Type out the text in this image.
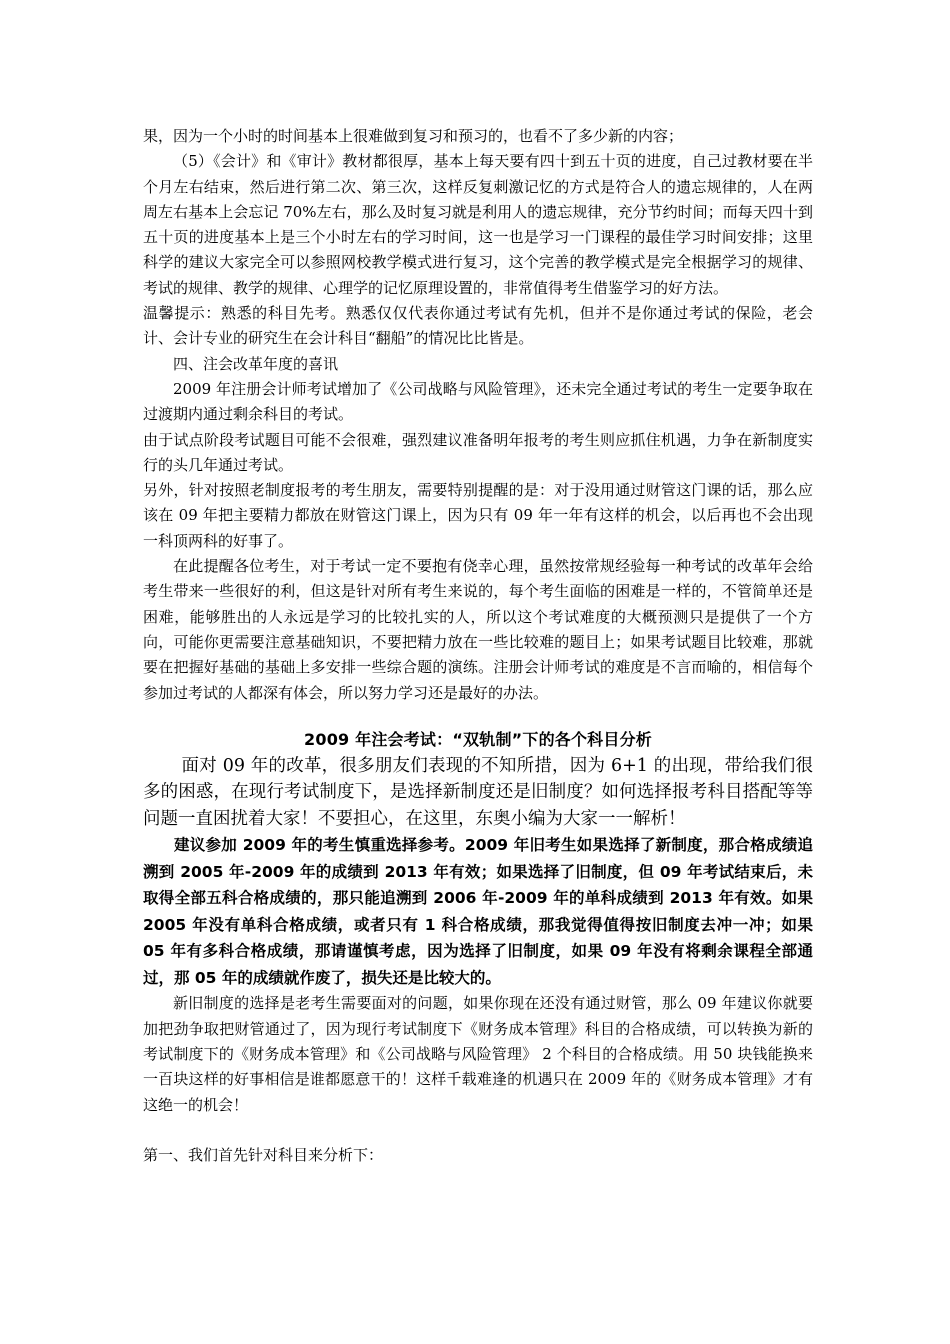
果，因为一个小时的时间基本上很难做到复习和预习的，也看不了多少新的内容；

（5）《会计》和《审计》教材都很厚，基本上每天要有四十到五十页的进度，自己过教材要在半个月左右结束，然后进行第二次、第三次，这样反复刺激记忆的方式是符合人的遗忘规律的，人在两周左右基本上会忘记 70%左右，那么及时复习就是利用人的遗忘规律，充分节约时间；而每天四十到五十页的进度基本上是三个小时左右的学习时间，这一也是学习一门课程的最佳学习时间安排；这里科学的建议大家完全可以参照网校教学模式进行复习，这个完善的教学模式是完全根据学习的规律、考试的规律、教学的规律、心理学的记忆原理设置的，非常值得考生借鉴学习的好方法。

温馨提示：熟悉的科目先考。熟悉仅仅代表你通过考试有先机，但并不是你通过考试的保险，老会计、会计专业的研究生在会计科目“翻船”的情况比比皆是。

四、注会改革年度的喜讯

2009 年注册会计师考试增加了《公司战略与风险管理》，还未完全通过考试的考生一定要争取在过渡期内通过剩余科目的考试。

由于试点阶段考试题目可能不会很难，强烈建议准备明年报考的考生则应抓住机遇，力争在新制度实行的头几年通过考试。

另外，针对按照老制度报考的考生朋友，需要特别提醒的是：对于没用通过财管这门课的话，那么应该在 09 年把主要精力都放在财管这门课上，因为只有 09 年一年有这样的机会，以后再也不会出现一科顶两科的好事了。

在此提醒各位考生，对于考试一定不要抱有侥幸心理，虽然按常规经验每一种考试的改革年会给考生带来一些很好的利，但这是针对所有考生来说的，每个考生面临的困难是一样的，不管简单还是困难，能够胜出的人永远是学习的比较扎实的人，所以这个考试难度的大概预测只是提供了一个方向，可能你更需要注意基础知识，不要把精力放在一些比较难的题目上；如果考试题目比较难，那就要在把握好基础的基础上多安排一些综合题的演练。注册会计师考试的难度是不言而喻的，相信每个参加过考试的人都深有体会，所以努力学习还是最好的办法。

2009 年注会考试：“双轨制”下的各个科目分析

面对 09 年的改革，很多朋友们表现的不知所措，因为 6+1 的出现，带给我们很多的困惑，在现行考试制度下，是选择新制度还是旧制度？如何选择报考科目搭配等等问题一直困扰着大家！不要担心，在这里，东奥小编为大家一一解析！

建议参加 2009 年的考生慎重选择参考。2009 年旧考生如果选择了新制度，那合格成绩追溯到 2005 年-2009 年的成绩到 2013 年有效；如果选择了旧制度，但 09 年考试结束后，未取得全部五科合格成绩的，那只能追溯到 2006 年-2009 年的单科成绩到 2013 年有效。如果 2005 年没有单科合格成绩，或者只有 1 科合格成绩，那我觉得值得按旧制度去冲一冲；如果 05 年有多科合格成绩，那请谨慎考虑，因为选择了旧制度，如果 09 年没有将剩余课程全部通过，那 05 年的成绩就作废了，损失还是比较大的。

新旧制度的选择是老考生需要面对的问题，如果你现在还没有通过财管，那么 09 年建议你就要加把劲争取把财管通过了，因为现行考试制度下《财务成本管理》科目的合格成绩，可以转换为新的考试制度下的《财务成本管理》和《公司战略与风险管理》 2 个科目的合格成绩。用 50 块钱能换来一百块这样的好事相信是谁都愿意干的！这样千载难逢的机遇只在 2009 年的《财务成本管理》才有这绝一的机会！

第一、我们首先针对科目来分析下：
